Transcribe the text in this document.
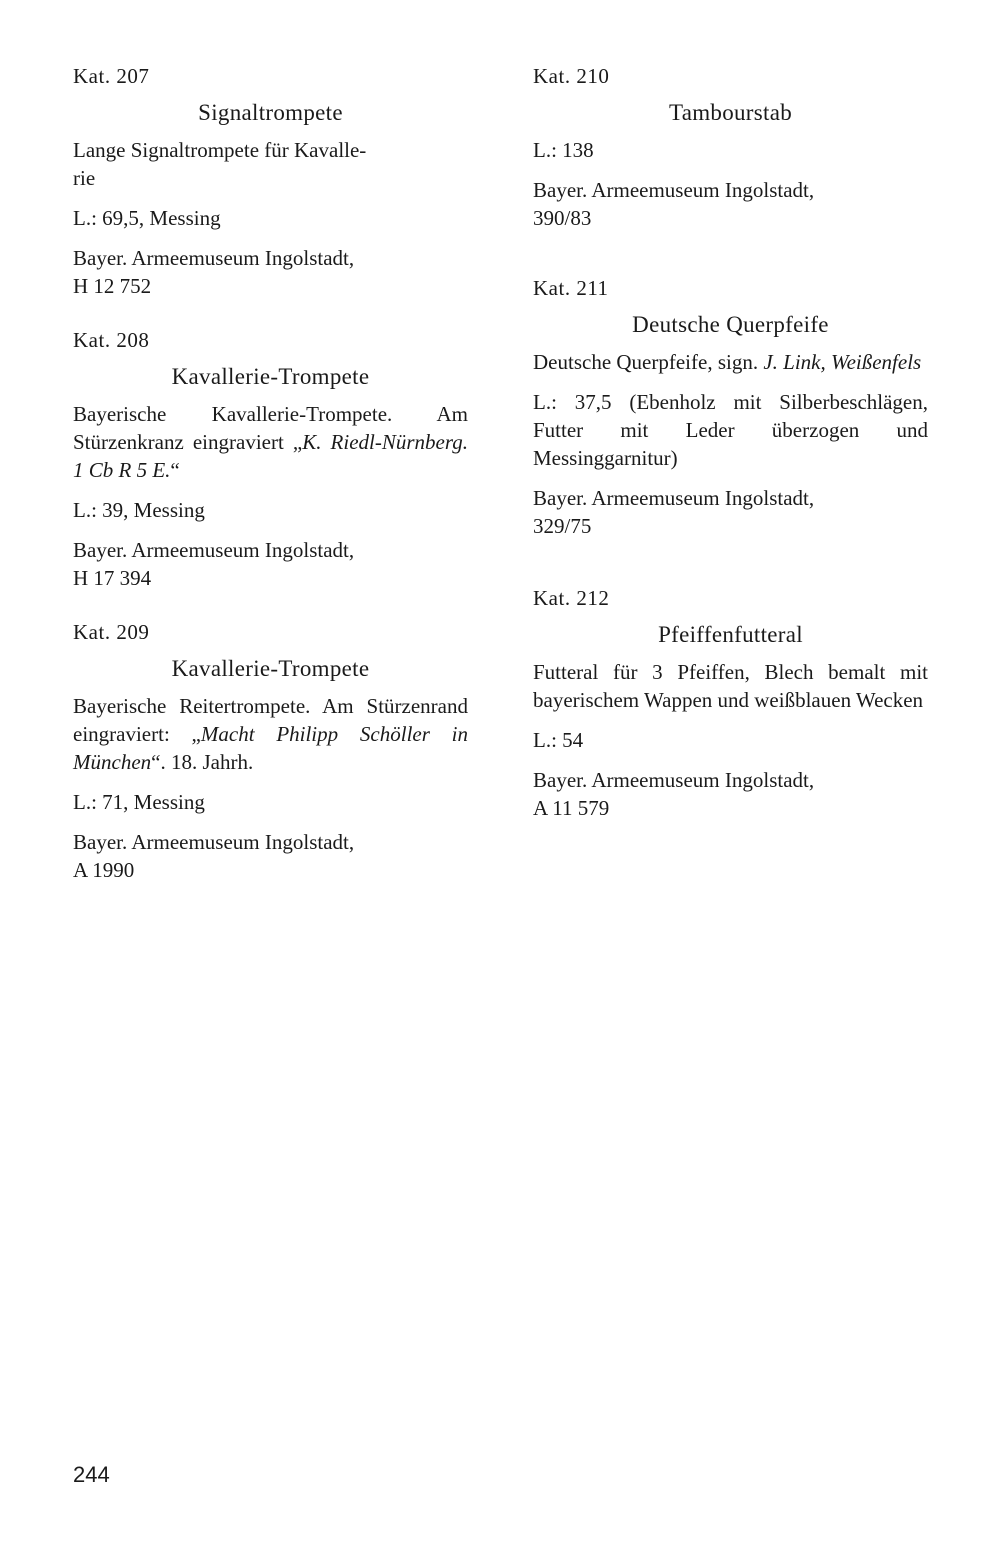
Kat. 207
Signaltrompete
Lange Signaltrompete für Kavalle-
rie
L.: 69,5, Messing
Bayer. Armeemuseum Ingolstadt,
H 12 752
Kat. 208
Kavallerie-Trompete
Bayerische Kavallerie-Trompete. Am Stürzenkranz eingraviert „K. Riedl-Nürnberg. 1 Cb R 5 E.“
L.: 39, Messing
Bayer. Armeemuseum Ingolstadt,
H 17 394
Kat. 209
Kavallerie-Trompete
Bayerische Reitertrompete. Am Stürzenrand eingraviert: „Macht Philipp Schöller in München“. 18. Jahrh.
L.: 71, Messing
Bayer. Armeemuseum Ingolstadt,
A 1990
Kat. 210
Tambourstab
L.: 138
Bayer. Armeemuseum Ingolstadt,
390/83
Kat. 211
Deutsche Querpfeife
Deutsche Querpfeife, sign. J. Link, Weißenfels
L.: 37,5 (Ebenholz mit Silberbeschlägen, Futter mit Leder überzogen und Messinggarnitur)
Bayer. Armeemuseum Ingolstadt,
329/75
Kat. 212
Pfeiffenfutteral
Futteral für 3 Pfeiffen, Blech bemalt mit bayerischem Wappen und weißblauen Wecken
L.: 54
Bayer. Armeemuseum Ingolstadt,
A 11 579
244
